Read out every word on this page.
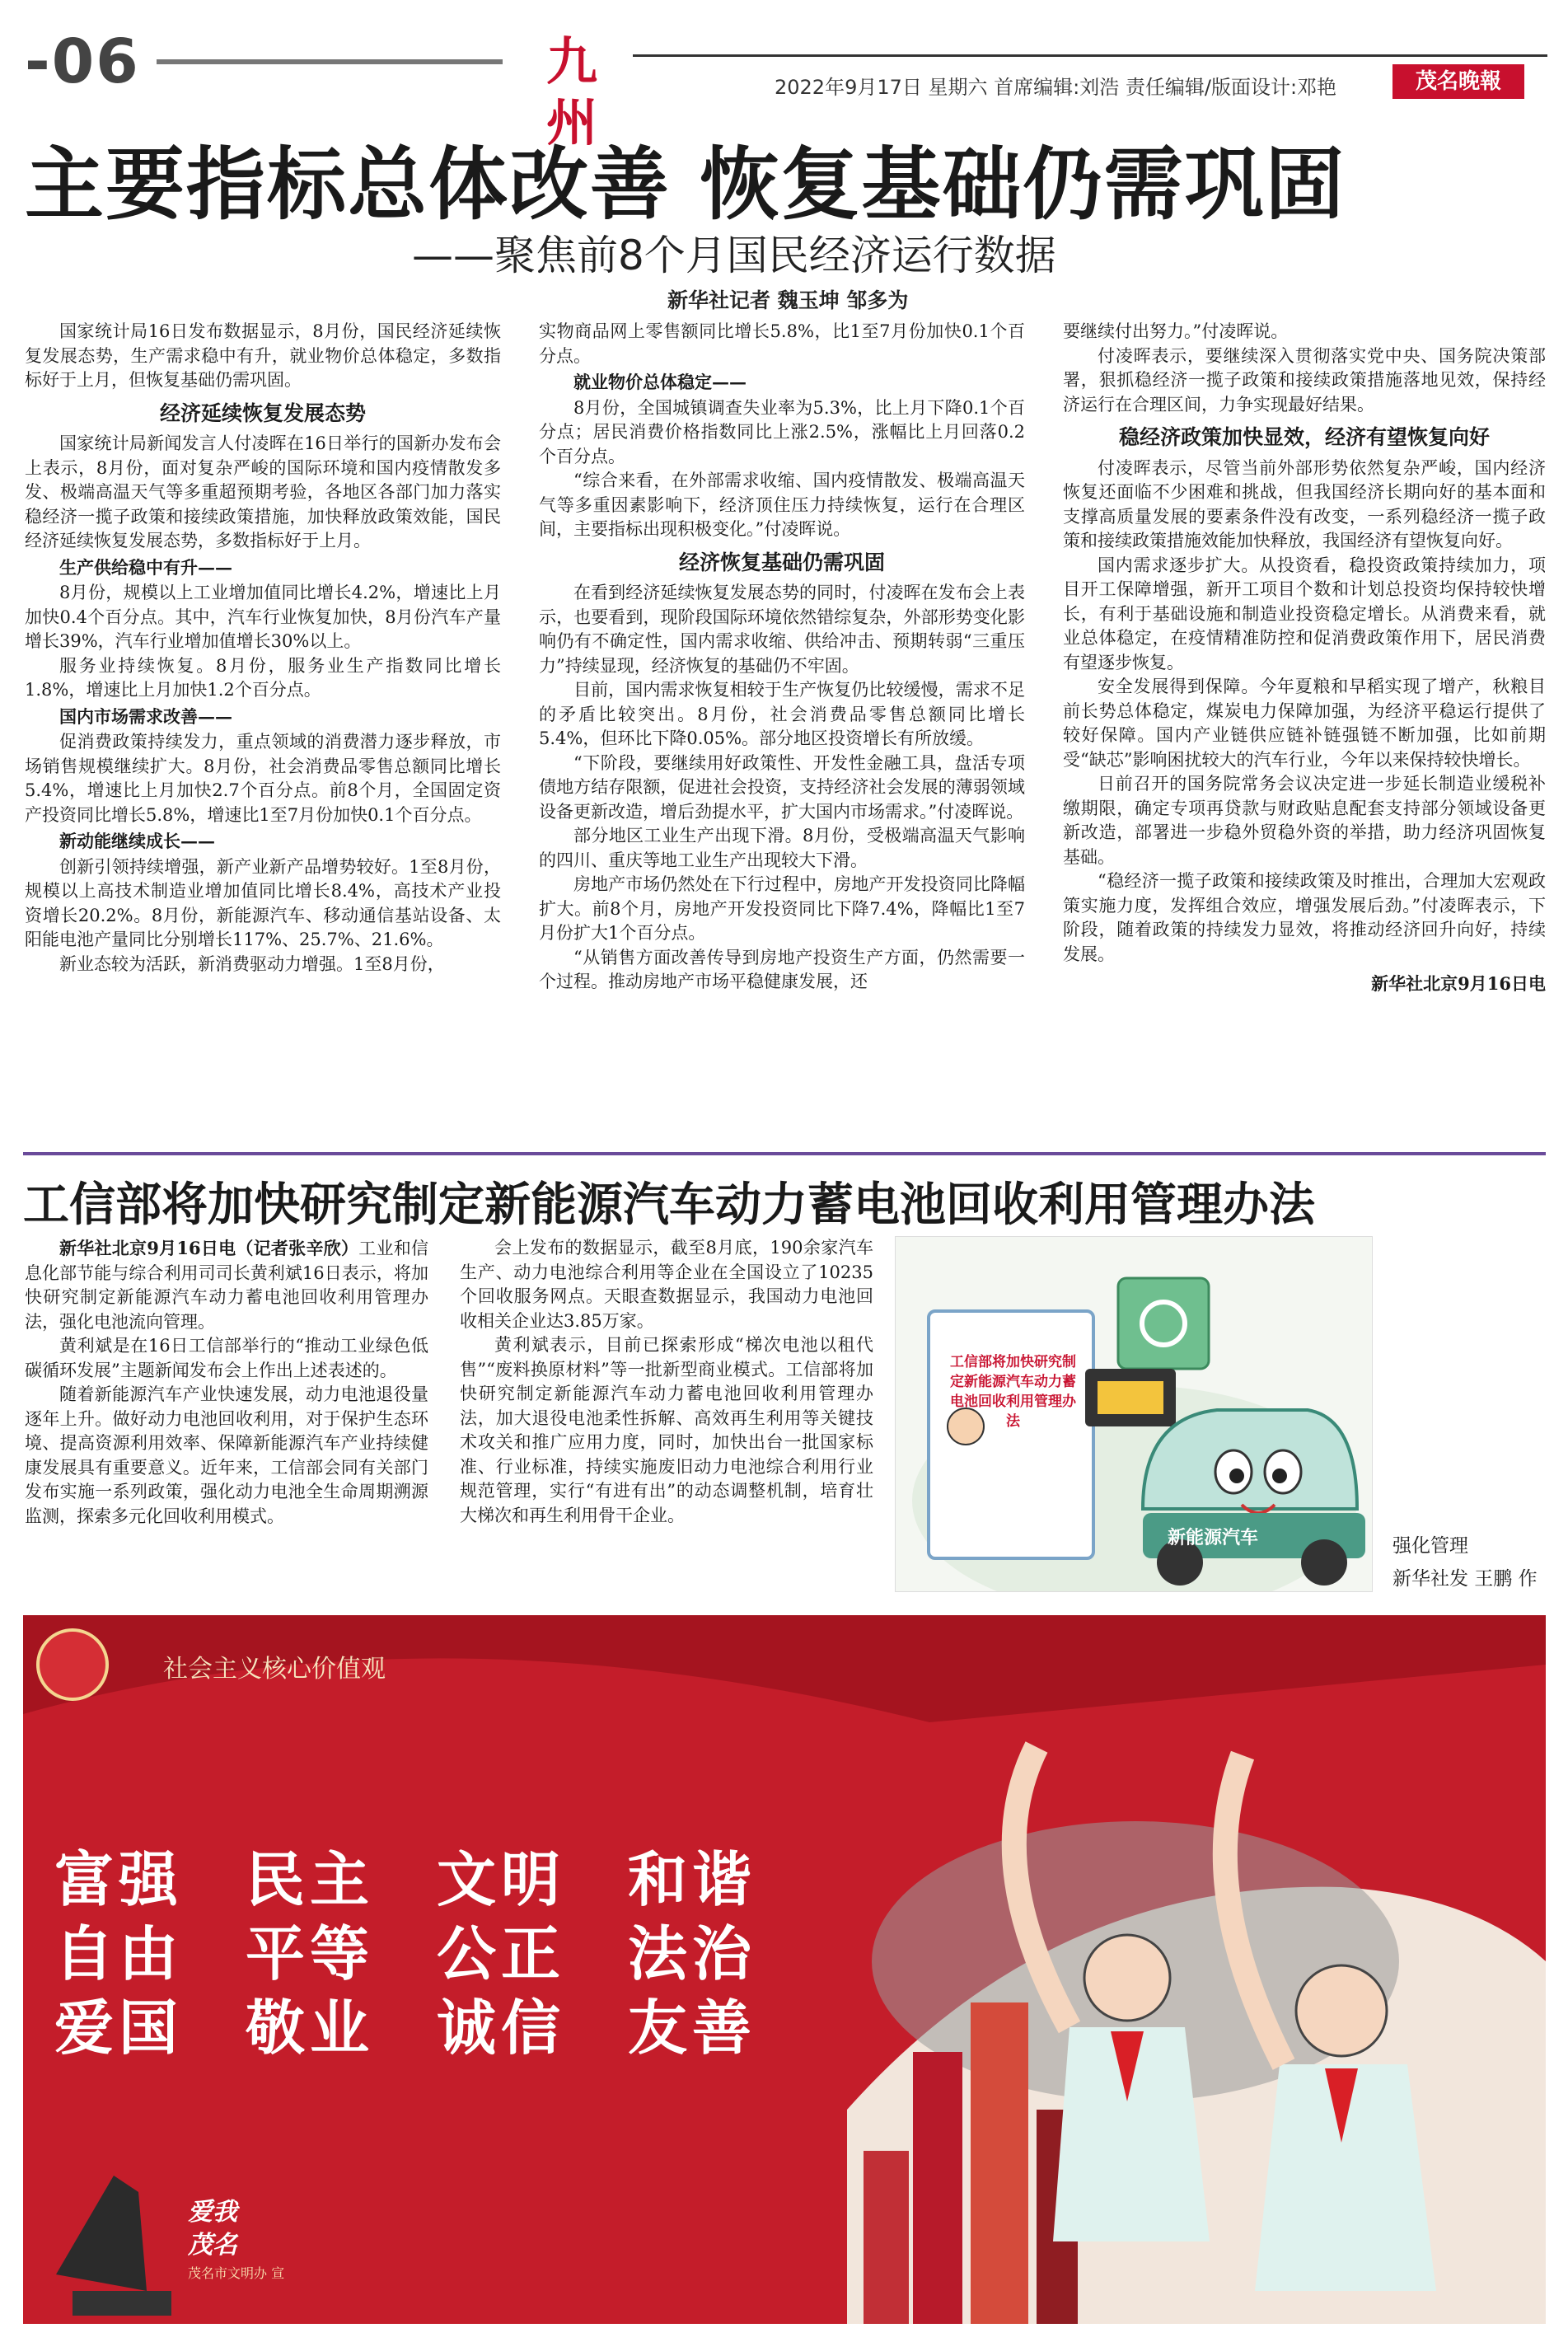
-06	九州
2022年9月17日 星期六 首席编辑:刘浩 责任编辑/版面设计:邓艳	茂名晚報
主要指标总体改善 恢复基础仍需巩固
——聚焦前8个月国民经济运行数据
新华社记者 魏玉坤 邹多为

国家统计局16日发布数据显示，8月份，国民经济延续恢复发展态势，生产需求稳中有升，就业物价总体稳定，多数指标好于上月，但恢复基础仍需巩固。

经济延续恢复发展态势

国家统计局新闻发言人付凌晖在16日举行的国新办发布会上表示，8月份，面对复杂严峻的国际环境和国内疫情散发多发、极端高温天气等多重超预期考验，各地区各部门加力落实稳经济一揽子政策和接续政策措施，加快释放政策效能，国民经济延续恢复发展态势，多数指标好于上月。

生产供给稳中有升——

8月份，规模以上工业增加值同比增长4.2%，增速比上月加快0.4个百分点。其中，汽车行业恢复加快，8月份汽车产量增长39%，汽车行业增加值增长30%以上。

服务业持续恢复。8月份，服务业生产指数同比增长1.8%，增速比上月加快1.2个百分点。

国内市场需求改善——

促消费政策持续发力，重点领域的消费潜力逐步释放，市场销售规模继续扩大。8月份，社会消费品零售总额同比增长5.4%，增速比上月加快2.7个百分点。前8个月，全国固定资产投资同比增长5.8%，增速比1至7月份加快0.1个百分点。

新动能继续成长——

创新引领持续增强，新产业新产品增势较好。1至8月份，规模以上高技术制造业增加值同比增长8.4%，高技术产业投资增长20.2%。8月份，新能源汽车、移动通信基站设备、太阳能电池产量同比分别增长117%、25.7%、21.6%。

新业态较为活跃，新消费驱动力增强。1至8月份，

实物商品网上零售额同比增长5.8%，比1至7月份加快0.1个百分点。

就业物价总体稳定——

8月份，全国城镇调查失业率为5.3%，比上月下降0.1个百分点；居民消费价格指数同比上涨2.5%，涨幅比上月回落0.2个百分点。

“综合来看，在外部需求收缩、国内疫情散发、极端高温天气等多重因素影响下，经济顶住压力持续恢复，运行在合理区间，主要指标出现积极变化。”付凌晖说。

经济恢复基础仍需巩固

在看到经济延续恢复发展态势的同时，付凌晖在发布会上表示，也要看到，现阶段国际环境依然错综复杂，外部形势变化影响仍有不确定性，国内需求收缩、供给冲击、预期转弱“三重压力”持续显现，经济恢复的基础仍不牢固。

目前，国内需求恢复相较于生产恢复仍比较缓慢，需求不足的矛盾比较突出。8月份，社会消费品零售总额同比增长5.4%，但环比下降0.05%。部分地区投资增长有所放缓。

“下阶段，要继续用好政策性、开发性金融工具，盘活专项债地方结存限额，促进社会投资，支持经济社会发展的薄弱领域设备更新改造，增后劲提水平，扩大国内市场需求。”付凌晖说。

部分地区工业生产出现下滑。8月份，受极端高温天气影响的四川、重庆等地工业生产出现较大下滑。

房地产市场仍然处在下行过程中，房地产开发投资同比降幅扩大。前8个月，房地产开发投资同比下降7.4%，降幅比1至7月份扩大1个百分点。

“从销售方面改善传导到房地产投资生产方面，仍然需要一个过程。推动房地产市场平稳健康发展，还

要继续付出努力。”付凌晖说。

付凌晖表示，要继续深入贯彻落实党中央、国务院决策部署，狠抓稳经济一揽子政策和接续政策措施落地见效，保持经济运行在合理区间，力争实现最好结果。

稳经济政策加快显效，经济有望恢复向好

付凌晖表示，尽管当前外部形势依然复杂严峻，国内经济恢复还面临不少困难和挑战，但我国经济长期向好的基本面和支撑高质量发展的要素条件没有改变，一系列稳经济一揽子政策和接续政策措施效能加快释放，我国经济有望恢复向好。

国内需求逐步扩大。从投资看，稳投资政策持续加力，项目开工保障增强，新开工项目个数和计划总投资均保持较快增长，有利于基础设施和制造业投资稳定增长。从消费来看，就业总体稳定，在疫情精准防控和促消费政策作用下，居民消费有望逐步恢复。

安全发展得到保障。今年夏粮和早稻实现了增产，秋粮目前长势总体稳定，煤炭电力保障加强，为经济平稳运行提供了较好保障。国内产业链供应链补链强链不断加强，比如前期受“缺芯”影响困扰较大的汽车行业，今年以来保持较快增长。

日前召开的国务院常务会议决定进一步延长制造业缓税补缴期限，确定专项再贷款与财政贴息配套支持部分领域设备更新改造，部署进一步稳外贸稳外资的举措，助力经济巩固恢复基础。

“稳经济一揽子政策和接续政策及时推出，合理加大宏观政策实施力度，发挥组合效应，增强发展后劲。”付凌晖表示，下阶段，随着政策的持续发力显效，将推动经济回升向好，持续发展。

新华社北京9月16日电
工信部将加快研究制定新能源汽车动力蓄电池回收利用管理办法

新华社北京9月16日电（记者张辛欣）工业和信息化部节能与综合利用司司长黄利斌16日表示，将加快研究制定新能源汽车动力蓄电池回收利用管理办法，强化电池流向管理。

黄利斌是在16日工信部举行的“推动工业绿色低碳循环发展”主题新闻发布会上作出上述表述的。

随着新能源汽车产业快速发展，动力电池退役量逐年上升。做好动力电池回收利用，对于保护生态环境、提高资源利用效率、保障新能源汽车产业持续健康发展具有重要意义。近年来，工信部会同有关部门发布实施一系列政策，强化动力电池全生命周期溯源监测，探索多元化回收利用模式。

会上发布的数据显示，截至8月底，190余家汽车生产、动力电池综合利用等企业在全国设立了10235个回收服务网点。天眼查数据显示，我国动力电池回收相关企业达3.85万家。

黄利斌表示，目前已探索形成“梯次电池以租代售”“废料换原材料”等一批新型商业模式。工信部将加快研究制定新能源汽车动力蓄电池回收利用管理办法，加大退役电池柔性拆解、高效再生利用等关键技术攻关和推广应用力度，同时，加快出台一批国家标准、行业标准，持续实施废旧动力电池综合利用行业规范管理，实行“有进有出”的动态调整机制，培育壮大梯次和再生利用骨干企业。

工信部将加快研究制定新能源汽车动力蓄电池回收利用管理办法
新能源汽车	强化管理
新华社发 王鹏 作
社会主义核心价值观
富强 民主 文明 和谐
自由 平等 公正 法治
爱国 敬业 诚信 友善
爱我
茂名
茂名市文明办 宣
